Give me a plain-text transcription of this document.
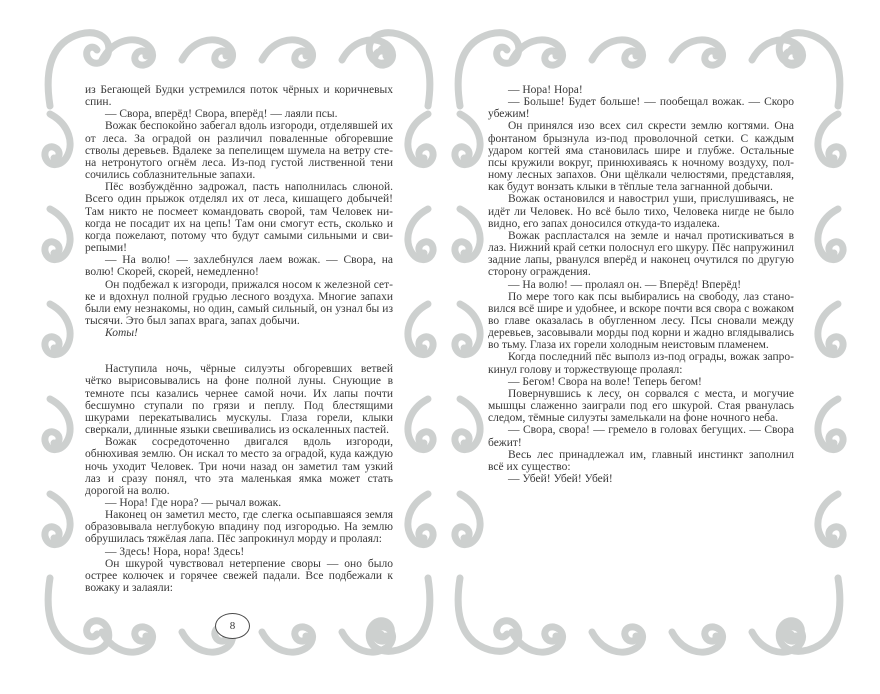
из Бегающей Будки устремился поток чёрных и коричневых спин.

— Свора, вперёд! Свора, вперёд! — лаяли псы.

Вожак беспокойно забегал вдоль изгороди, отделявшей их от леса. За оградой он различил поваленные обгоревшие стволы деревьев. Вдалеке за пепелищем шумела на ветру стена нетронутого огнём леса. Из-под густой лиственной тени сочились соблазнительные запахи.

Пёс возбуждённо задрожал, пасть наполнилась слюной. Всего один прыжок отделял их от леса, кишащего добычей! Там никто не посмеет командовать сворой, там Человек никогда не посадит их на цепь! Там они смогут есть, сколько и когда пожелают, потому что будут самыми сильными и свирепыми!

— На волю! — захлебнулся лаем вожак. — Свора, на волю! Скорей, скорей, немедленно!

Он подбежал к изгороди, прижался носом к железной сетке и вдохнул полной грудью лесного воздуха. Многие запахи были ему незнакомы, но один, самый сильный, он узнал бы из тысячи. Это был запах врага, запах добычи.

Коты!

Наступила ночь, чёрные силуэты обгоревших ветвей чётко вырисовывались на фоне полной луны. Снующие в темноте псы казались чернее самой ночи. Их лапы почти бесшумно ступали по грязи и пеплу. Под блестящими шкурами перекатывались мускулы. Глаза горели, клыки сверкали, длинные языки свешивались из оскаленных пастей.

Вожак сосредоточенно двигался вдоль изгороди, обнюхивая землю. Он искал то место за оградой, куда каждую ночь уходит Человек. Три ночи назад он заметил там узкий лаз и сразу понял, что эта маленькая ямка может стать дорогой на волю.

— Нора! Где нора? — рычал вожак.

Наконец он заметил место, где слегка осыпавшаяся земля образовывала неглубокую впадину под изгородью. На землю обрушилась тяжёлая лапа. Пёс запрокинул морду и пролаял:

— Здесь! Нора, нора! Здесь!

Он шкурой чувствовал нетерпение своры — оно было острее колючек и горячее свежей падали. Все подбежали к вожаку и залаяли:

8

— Нора! Нора!

— Больше! Будет больше! — пообещал вожак. — Скоро убежим!

Он принялся изо всех сил скрести землю когтями. Она фонтаном брызнула из-под проволочной сетки. С каждым ударом когтей яма становилась шире и глубже. Остальные псы кружили вокруг, принюхиваясь к ночному воздуху, полному лесных запахов. Они щёлкали челюстями, представляя, как будут вонзать клыки в тёплые тела загнанной добычи.

Вожак остановился и навострил уши, прислушиваясь, не идёт ли Человек. Но всё было тихо, Человека нигде не было видно, его запах доносился откуда-то издалека.

Вожак распластался на земле и начал протискиваться в лаз. Нижний край сетки полоснул его шкуру. Пёс напружинил задние лапы, рванулся вперёд и наконец очутился по другую сторону ограждения.

— На волю! — пролаял он. — Вперёд! Вперёд!

По мере того как псы выбирались на свободу, лаз становился всё шире и удобнее, и вскоре почти вся свора с вожаком во главе оказалась в обугленном лесу. Псы сновали между деревьев, засовывали морды под корни и жадно вглядывались во тьму. Глаза их горели холодным неистовым пламенем.

Когда последний пёс выполз из-под ограды, вожак запрокинул голову и торжествующе пролаял:

— Бегом! Свора на воле! Теперь бегом!

Повернувшись к лесу, он сорвался с места, и могучие мышцы слаженно заиграли под его шкурой. Стая рванулась следом, тёмные силуэты замелькали на фоне ночного неба.

— Свора, свора! — гремело в головах бегущих. — Свора бежит!

Весь лес принадлежал им, главный инстинкт заполнил всё их существо:

— Убей! Убей! Убей!
